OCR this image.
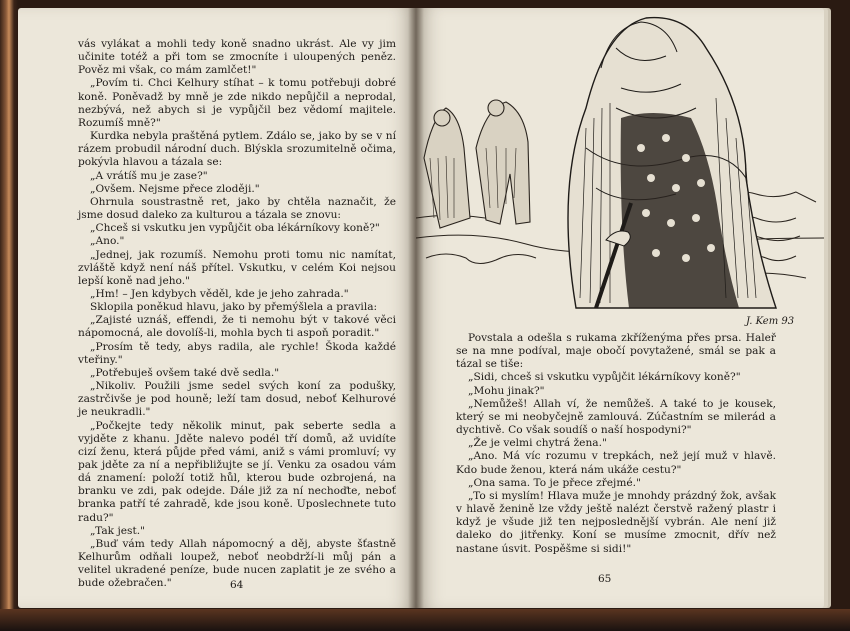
vás vylákat a mohli tedy koně snadno ukrást. Ale vy jim učinite totéž a při tom se zmocníte i uloupených peněz. Pověz mi však, co mám zamlčet!"

„Povím ti. Chci Kelhury stíhat – k tomu potřebuji dobré koně. Poněvadž by mně je zde nikdo nepůjčil a neprodal, nezbývá, než abych si je vypůjčil bez vědomí majitele. Rozumíš mně?"

Kurdka nebyla praštěná pytlem. Zdálo se, jako by se v ní rázem probudil národní duch. Blýskla srozumitelně očima, pokývla hlavou a tázala se:

„A vrátíš mu je zase?"

„Ovšem. Nejsme přece zloději."

Ohrnula soustrastně ret, jako by chtěla naznačit, že jsme dosud daleko za kulturou a tázala se znovu:

„Chceš si vskutku jen vypůjčit oba lékárníkovy koně?"

„Ano."

„Jednej, jak rozumíš. Nemohu proti tomu nic namítat, zvláště když není náš přítel. Vskutku, v celém Koi nejsou lepší koně nad jeho."

„Hm! – Jen kdybych věděl, kde je jeho zahrada."

Sklopila poněkud hlavu, jako by přemýšlela a pravila:

„Zajisté uznáš, effendi, že ti nemohu být v takové věci nápomocná, ale dovolíš-li, mohla bych ti aspoň poradit."

„Prosím tě tedy, abys radila, ale rychle! Škoda každé vteřiny."

„Potřebuješ ovšem také dvě sedla."

„Nikoliv. Použili jsme sedel svých koní za podušky, zastrčivše je pod houně; leží tam dosud, neboť Kelhurové je neukradli."

„Počkejte tedy několik minut, pak seberte sedla a vyjděte z khanu. Jděte nalevo podél tří domů, až uvidíte cizí ženu, která půjde před vámi, aniž s vámi promluví; vy pak jděte za ní a nepřibližujte se jí. Venku za osadou vám dá znamení: položí totiž hůl, kterou bude ozbrojená, na branku ve zdi, pak odejde. Dále již za ní nechoďte, neboť branka patří té zahradě, kde jsou koně. Uposlechnete tuto radu?"

„Tak jest."

„Buď vám tedy Allah nápomocný a děj, abyste šťastně Kelhurům odňali loupež, neboť neobdrží-li můj pán a velitel ukradené peníze, bude nucen zaplatit je ze svého a bude ožebračen."	64
J. Kem 93

Povstala a odešla s rukama zkříženýma přes prsa. Haleř se na mne podíval, maje obočí povytažené, smál se pak a tázal se tiše:

„Sidi, chceš si vskutku vypůjčit lékárníkovy koně?"

„Mohu jinak?"

„Nemůžeš! Allah ví, že nemůžeš. A také to je kousek, který se mi neobyčejně zamlouvá. Zúčastním se milerád a dychtivě. Co však soudíš o naší hospodyni?"

„Že je velmi chytrá žena."

„Ano. Má víc rozumu v trepkách, než její muž v hlavě. Kdo bude ženou, která nám ukáže cestu?"

„Ona sama. To je přece zřejmé."

„To si myslím! Hlava muže je mnohdy prázdný žok, avšak v hlavě ženině lze vždy ještě nalézt čerstvě ražený plastr i když je všude již ten nejposlednější vybrán. Ale není již daleko do jitřenky. Koní se musíme zmocnit, dřív než nastane úsvit. Pospěšme si sidi!"

65
